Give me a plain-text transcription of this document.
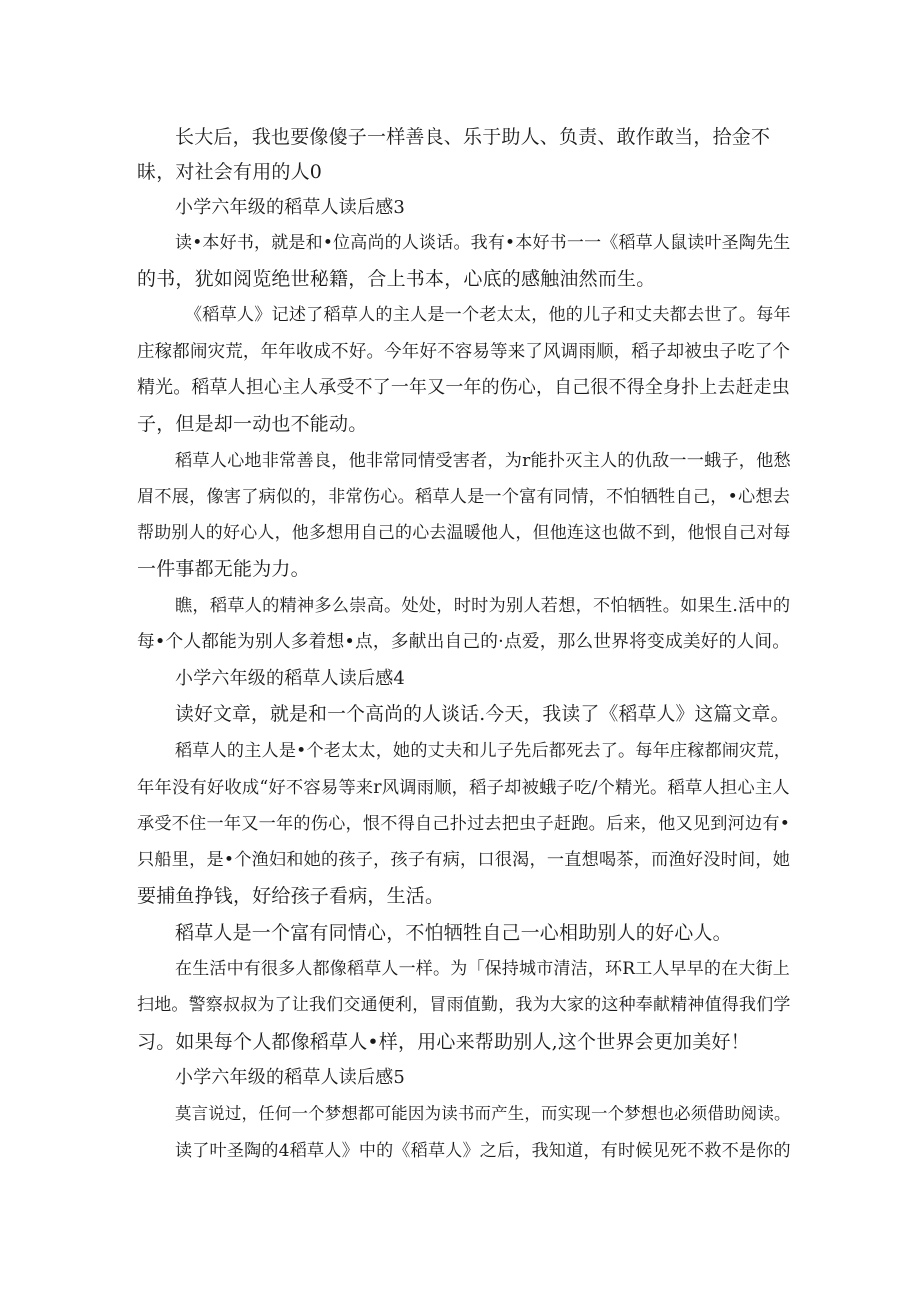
长大后，我也要像傻子一样善良、乐于助人、负责、敢作敢当，拾金不
昧，对社会有用的人0
小学六年级的稻草人读后感3
读•本好书，就是和•位高尚的人谈话。我有•本好书一一《稻草人鼠读叶圣陶先生
的书，犹如阅览绝世秘籍，合上书本，心底的感触油然而生。
《稻草人》记述了稻草人的主人是一个老太太，他的儿子和丈夫都去世了。每年
庄稼都闹灾荒，年年收成不好。今年好不容易等来了风调雨顺，稻子却被虫子吃了个
精光。稻草人担心主人承受不了一年又一年的伤心，自己很不得全身扑上去赶走虫
子，但是却一动也不能动。
稻草人心地非常善良，他非常同情受害者，为r能扑灭主人的仇敌一一蛾子，他愁
眉不展，像害了病似的，非常伤心。稻草人是一个富有同情，不怕牺牲自己，•心想去
帮助别人的好心人，他多想用自己的心去温暖他人，但他连这也做不到，他恨自己对每
一件事都无能为力。
瞧，稻草人的精神多么崇高。处处，时时为别人若想，不怕牺牲。如果生.活中的
每•个人都能为别人多着想•点，多献出自己的·点爱，那么世界将变成美好的人间。
小学六年级的稻草人读后感4
读好文章，就是和一个高尚的人谈话.今天，我读了《稻草人》这篇文章。
稻草人的主人是•个老太太，她的丈夫和儿子先后都死去了。每年庄稼都闹灾荒，
年年没有好收成“好不容易等来r风调雨顺，稻子却被蛾子吃/个精光。稻草人担心主人
承受不住一年又一年的伤心，恨不得自己扑过去把虫子赶跑。后来，他又见到河边有•
只船里，是•个渔妇和她的孩子，孩子有病，口很渴，一直想喝茶，而渔好没时间，她
要捕鱼挣钱，好给孩子看病，生活。
稻草人是一个富有同情心，不怕牺牲自己一心相助别人的好心人。
在生活中有很多人都像稻草人一样。为「保持城市清洁，环R工人早早的在大街上
扫地。警察叔叔为了让我们交通便利，冒雨值勤，我为大家的这种奉献精神值得我们学
习。如果每个人都像稻草人•样，用心来帮助别人,这个世界会更加美好！
小学六年级的稻草人读后感5
莫言说过，任何一个梦想都可能因为读书而产生，而实现一个梦想也必须借助阅读。
读了叶圣陶的4稻草人》中的《稻草人》之后，我知道，有时候见死不救不是你的
